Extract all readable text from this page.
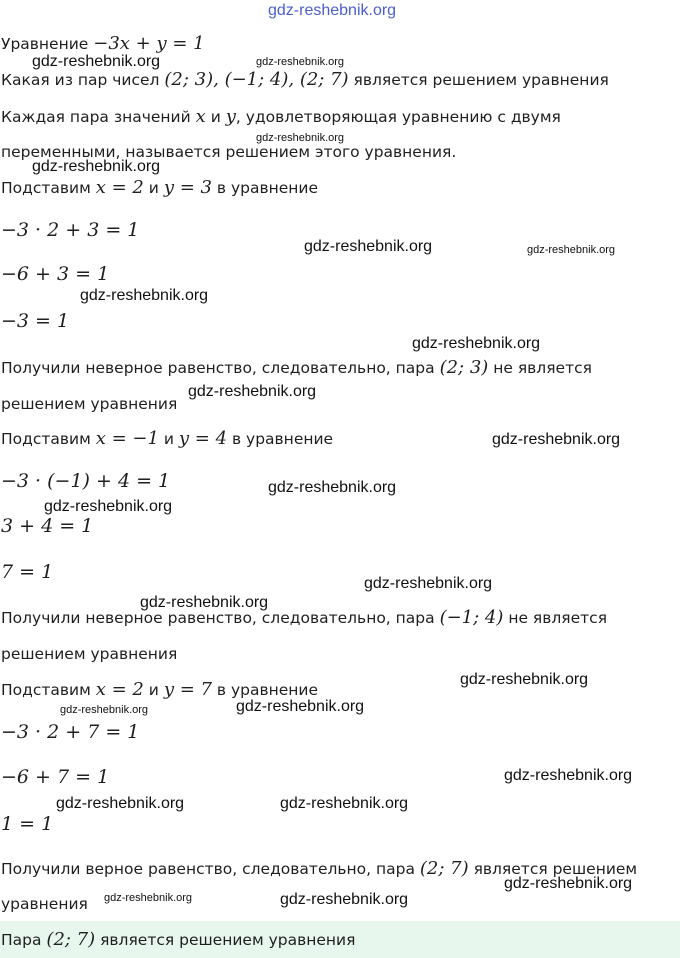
gdz-reshebnik.org
gdz-reshebnik.org	gdz-reshebnik.org
gdz-reshebnik.org
gdz-reshebnik.org
gdz-reshebnik.org	gdz-reshebnik.org
gdz-reshebnik.org
gdz-reshebnik.org
gdz-reshebnik.org
gdz-reshebnik.org
gdz-reshebnik.org
gdz-reshebnik.org
gdz-reshebnik.org
gdz-reshebnik.org
gdz-reshebnik.org
gdz-reshebnik.org	gdz-reshebnik.org
gdz-reshebnik.org
gdz-reshebnik.org	gdz-reshebnik.org
gdz-reshebnik.org
gdz-reshebnik.org	gdz-reshebnik.org
Уравнение −3x + y = 1
Какая из пар чисел (2; 3), (−1; 4), (2; 7) является решением уравнения
Каждая пара значений x и y, удовлетворяющая уравнению с двумя
переменными, называется решением этого уравнения.
Подставим x = 2 и y = 3 в уравнение
−3 · 2 + 3 = 1
−6 + 3 = 1
−3 = 1
Получили неверное равенство, следовательно, пара (2; 3) не является
решением уравнения
Подставим x = −1 и y = 4 в уравнение
−3 · (−1) + 4 = 1
3 + 4 = 1
7 = 1
Получили неверное равенство, следовательно, пара (−1; 4) не является
решением уравнения
Подставим x = 2 и y = 7 в уравнение
−3 · 2 + 7 = 1
−6 + 7 = 1
1 = 1
Получили верное равенство, следовательно, пара (2; 7) является решением
уравнения
Пара (2; 7) является решением уравнения
